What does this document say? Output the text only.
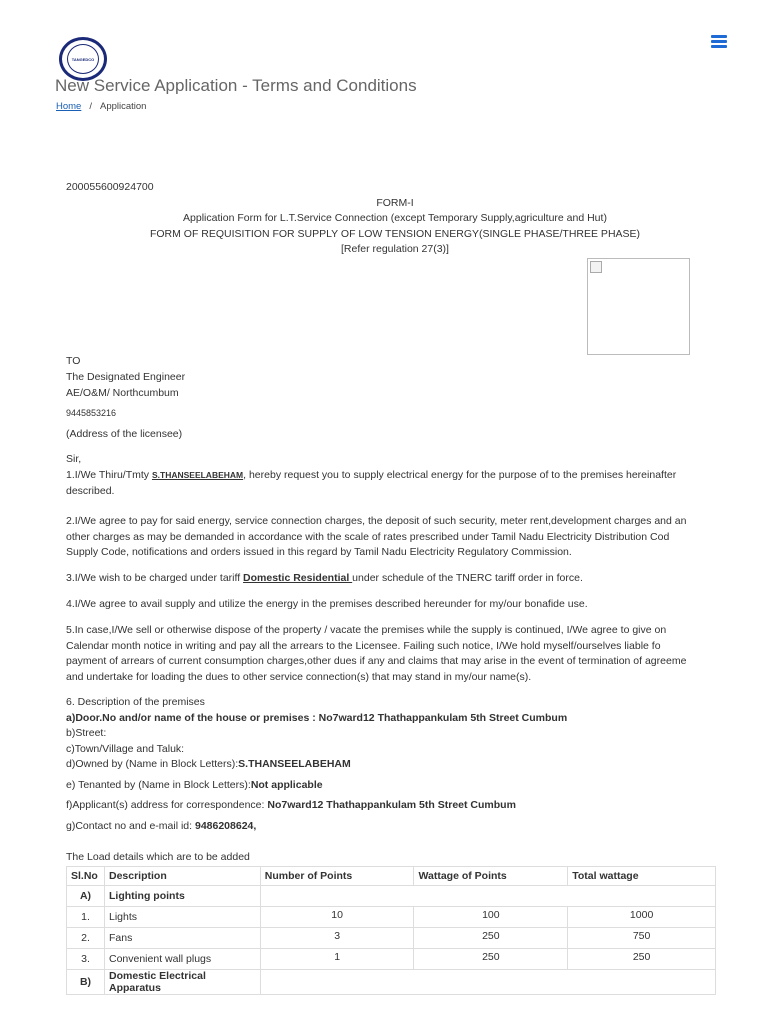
TANGEDCO
New Service Application - Terms and Conditions
Home / Application
200055600924700
FORM-I
Application Form for L.T.Service Connection (except Temporary Supply,agriculture and Hut)
FORM OF REQUISITION FOR SUPPLY OF LOW TENSION ENERGY(SINGLE PHASE/THREE PHASE)
[Refer regulation 27(3)]
TO
The Designated Engineer
AE/O&M/ Northcumbum
9445853216
(Address of the licensee)
Sir,
1.I/We Thiru/Tmty S.THANSEELABEHAM, hereby request you to supply electrical energy for the purpose of to the premises hereinafter
described.
2.I/We agree to pay for said energy, service connection charges, the deposit of such security, meter rent,development charges and an
other charges as may be demanded in accordance with the scale of rates prescribed under Tamil Nadu Electricity Distribution Cod
Supply Code, notifications and orders issued in this regard by Tamil Nadu Electricity Regulatory Commission.
3.I/We wish to be charged under tariff Domestic Residential under schedule of the TNERC tariff order in force.
4.I/We agree to avail supply and utilize the energy in the premises described hereunder for my/our bonafide use.
5.In case,I/We sell or otherwise dispose of the property / vacate the premises while the supply is continued, I/We agree to give on
Calendar month notice in writing and pay all the arrears to the Licensee. Failing such notice, I/We hold myself/ourselves liable fo
payment of arrears of current consumption charges,other dues if any and claims that may arise in the event of termination of agreeme
and undertake for loading the dues to other service connection(s) that may stand in my/our name(s).
6. Description of the premises
a)Door.No and/or name of the house or premises : No7ward12 Thathappankulam 5th Street Cumbum
b)Street:
c)Town/Village and Taluk:
d)Owned by (Name in Block Letters):S.THANSEELABEHAM
e) Tenanted by (Name in Block Letters):Not applicable
f)Applicant(s) address for correspondence: No7ward12 Thathappankulam 5th Street Cumbum
g)Contact no and e-mail id: 9486208624,
The Load details which are to be added
Sl.No	Description	Number of Points	Wattage of Points	Total wattage
A)	Lighting points			
1.	Lights	10	100	1000
2.	Fans	3	250	750
3.	Convenient wall plugs	1	250	250
B)	Domestic Electrical Apparatus			
